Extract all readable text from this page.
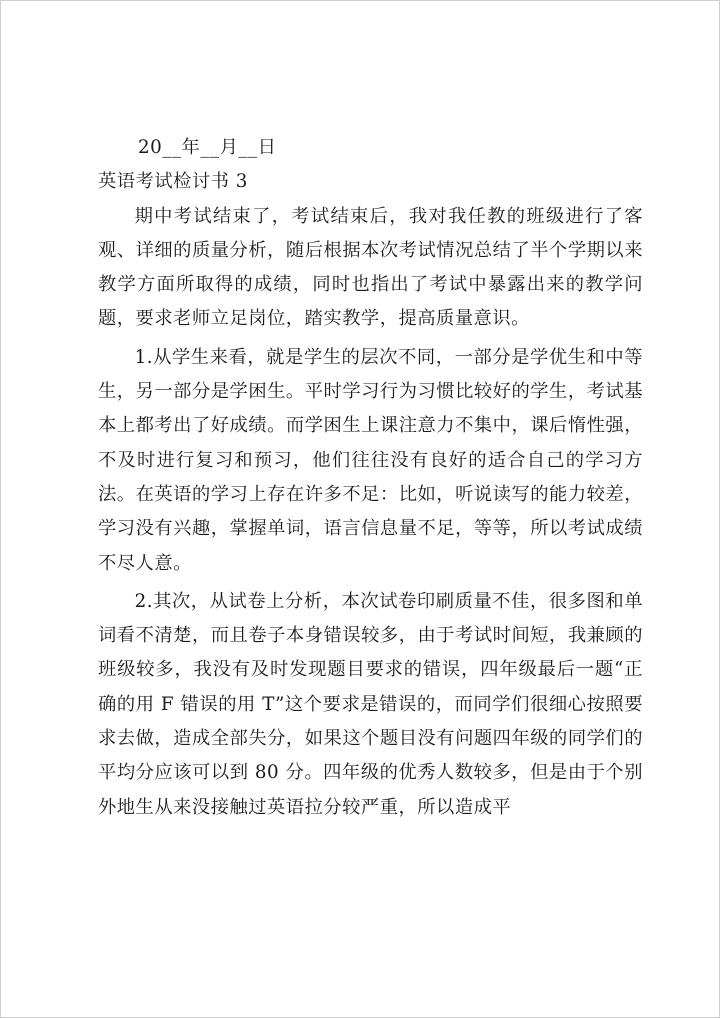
20__年__月__日

英语考试检讨书 3

期中考试结束了，考试结束后，我对我任教的班级进行了客观、详细的质量分析，随后根据本次考试情况总结了半个学期以来教学方面所取得的成绩，同时也指出了考试中暴露出来的教学问题，要求老师立足岗位，踏实教学，提高质量意识。

1.从学生来看，就是学生的层次不同，一部分是学优生和中等生，另一部分是学困生。平时学习行为习惯比较好的学生，考试基本上都考出了好成绩。而学困生上课注意力不集中，课后惰性强，不及时进行复习和预习，他们往往没有良好的适合自己的学习方法。在英语的学习上存在许多不足：比如，听说读写的能力较差，学习没有兴趣，掌握单词，语言信息量不足，等等，所以考试成绩不尽人意。

2.其次，从试卷上分析，本次试卷印刷质量不佳，很多图和单词看不清楚，而且卷子本身错误较多，由于考试时间短，我兼顾的班级较多，我没有及时发现题目要求的错误，四年级最后一题“正确的用 F 错误的用 T”这个要求是错误的，而同学们很细心按照要求去做，造成全部失分，如果这个题目没有问题四年级的同学们的平均分应该可以到 80 分。四年级的优秀人数较多，但是由于个别外地生从来没接触过英语拉分较严重，所以造成平
